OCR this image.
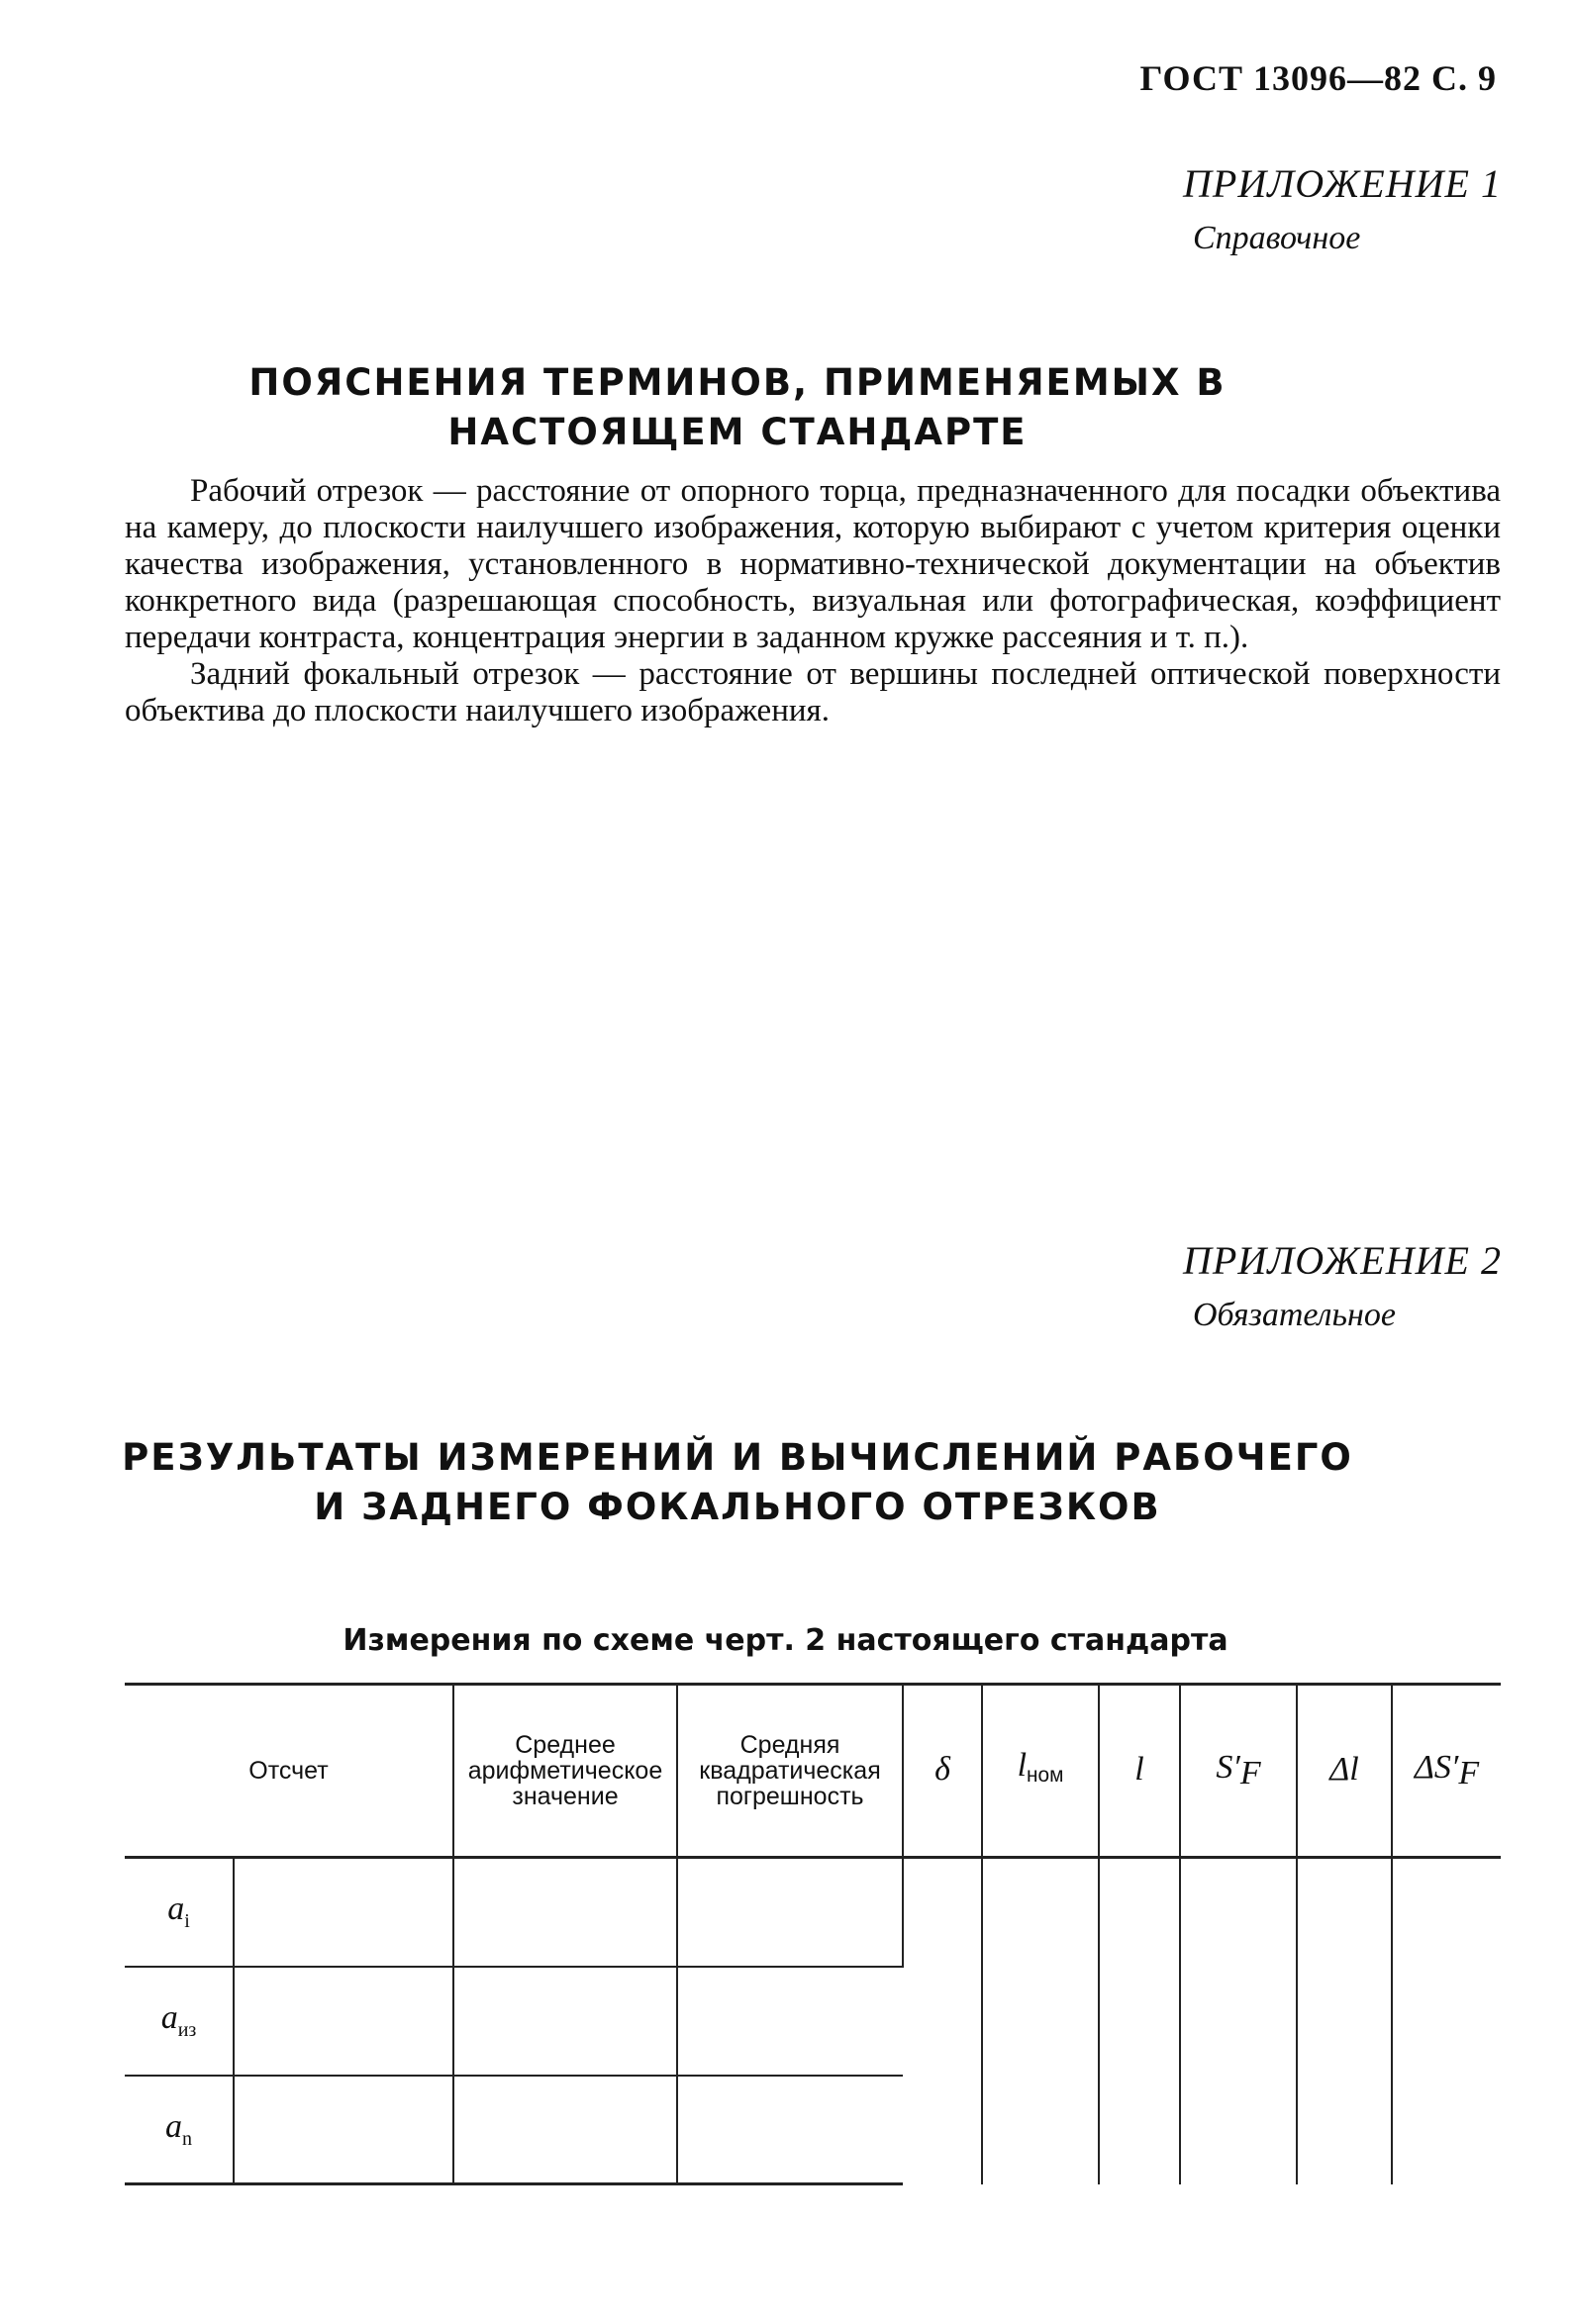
ГОСТ 13096—82 С. 9
ПРИЛОЖЕНИЕ 1
Справочное
ПОЯСНЕНИЯ ТЕРМИНОВ, ПРИМЕНЯЕМЫХ В НАСТОЯЩЕМ СТАНДАРТЕ

Рабочий отрезок — расстояние от опорного торца, предназначенного для посадки объектива на камеру, до плоскости наилучшего изображения, которую выбирают с учетом критерия оценки качества изображения, установленного в нормативно-технической документации на объектив конкретного вида (разрешающая способность, визуальная или фотографическая, коэффициент передачи контраста, концентрация энергии в заданном кружке рассеяния и т. п.).

Задний фокальный отрезок — расстояние от вершины последней оптической поверхности объектива до плоскости наилучшего изображения.

ПРИЛОЖЕНИЕ 2
Обязательное
РЕЗУЛЬТАТЫ ИЗМЕРЕНИЙ И ВЫЧИСЛЕНИЙ РАБОЧЕГО И ЗАДНЕГО ФОКАЛЬНОГО ОТРЕЗКОВ
Измерения по схеме черт. 2 настоящего стандарта
Отсчет		Среднее арифметическое значение	Средняя квадратическая погрешность	δ	$l_{ном}$	l	$S'_F$	Δl	$\Delta S'_F$
$a_i$									
$a_{из}$			
$a_n$			
